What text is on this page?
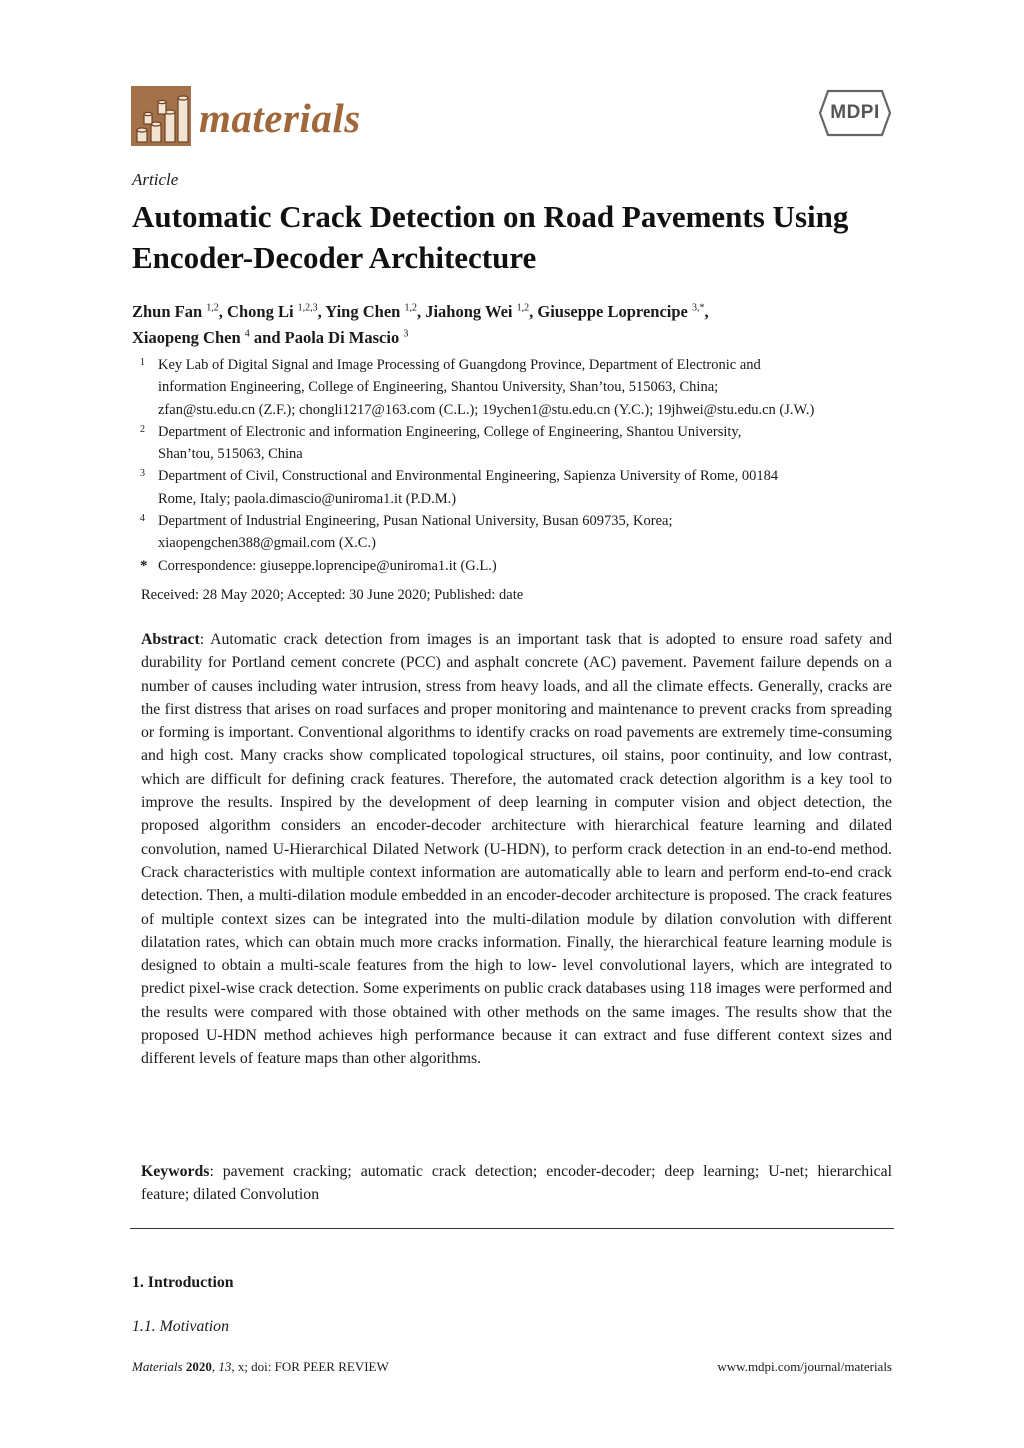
materials	MDPI
Article
Automatic Crack Detection on Road Pavements Using Encoder-Decoder Architecture
Zhun Fan $^{1,2}$, Chong Li $^{1,2,3}$, Ying Chen $^{1,2}$, Jiahong Wei $^{1,2}$, Giuseppe Loprencipe $^{3,*}$,
Xiaopeng Chen $^4$ and Paola Di Mascio $^3$
1 Key Lab of Digital Signal and Image Processing of Guangdong Province, Department of Electronic and
information Engineering, College of Engineering, Shantou University, Shan’tou, 515063, China;
zfan@stu.edu.cn (Z.F.); chongli1217@163.com (C.L.); 19ychen1@stu.edu.cn (Y.C.); 19jhwei@stu.edu.cn (J.W.)
2 Department of Electronic and information Engineering, College of Engineering, Shantou University,
Shan’tou, 515063, China
3 Department of Civil, Constructional and Environmental Engineering, Sapienza University of Rome, 00184
Rome, Italy; paola.dimascio@uniroma1.it (P.D.M.)
4 Department of Industrial Engineering, Pusan National University, Busan 609735, Korea;
xiaopengchen388@gmail.com (X.C.)
* Correspondence: giuseppe.loprencipe@uniroma1.it (G.L.)
Received: 28 May 2020; Accepted: 30 June 2020; Published: date

Abstract: Automatic crack detection from images is an important task that is adopted to ensure road safety and durability for Portland cement concrete (PCC) and asphalt concrete (AC) pavement. Pavement failure depends on a number of causes including water intrusion, stress from heavy loads, and all the climate effects. Generally, cracks are the first distress that arises on road surfaces and proper monitoring and maintenance to prevent cracks from spreading or forming is important. Conventional algorithms to identify cracks on road pavements are extremely time-consuming and high cost. Many cracks show complicated topological structures, oil stains, poor continuity, and low contrast, which are difficult for defining crack features. Therefore, the automated crack detection algorithm is a key tool to improve the results. Inspired by the development of deep learning in computer vision and object detection, the proposed algorithm considers an encoder-decoder architecture with hierarchical feature learning and dilated convolution, named U-Hierarchical Dilated Network (U-HDN), to perform crack detection in an end-to-end method. Crack characteristics with multiple context information are automatically able to learn and perform end-to-end crack detection. Then, a multi-dilation module embedded in an encoder-decoder architecture is proposed. The crack features of multiple context sizes can be integrated into the multi-dilation module by dilation convolution with different dilatation rates, which can obtain much more cracks information. Finally, the hierarchical feature learning module is designed to obtain a multi-scale features from the high to low- level convolutional layers, which are integrated to predict pixel-wise crack detection. Some experiments on public crack databases using 118 images were performed and the results were compared with those obtained with other methods on the same images. The results show that the proposed U-HDN method achieves high performance because it can extract and fuse different context sizes and different levels of feature maps than other algorithms.

Keywords: pavement cracking; automatic crack detection; encoder-decoder; deep learning; U-net; hierarchical feature; dilated Convolution

1. Introduction
1.1. Motivation
Materials 2020, 13, x; doi: FOR PEER REVIEW	www.mdpi.com/journal/materials
